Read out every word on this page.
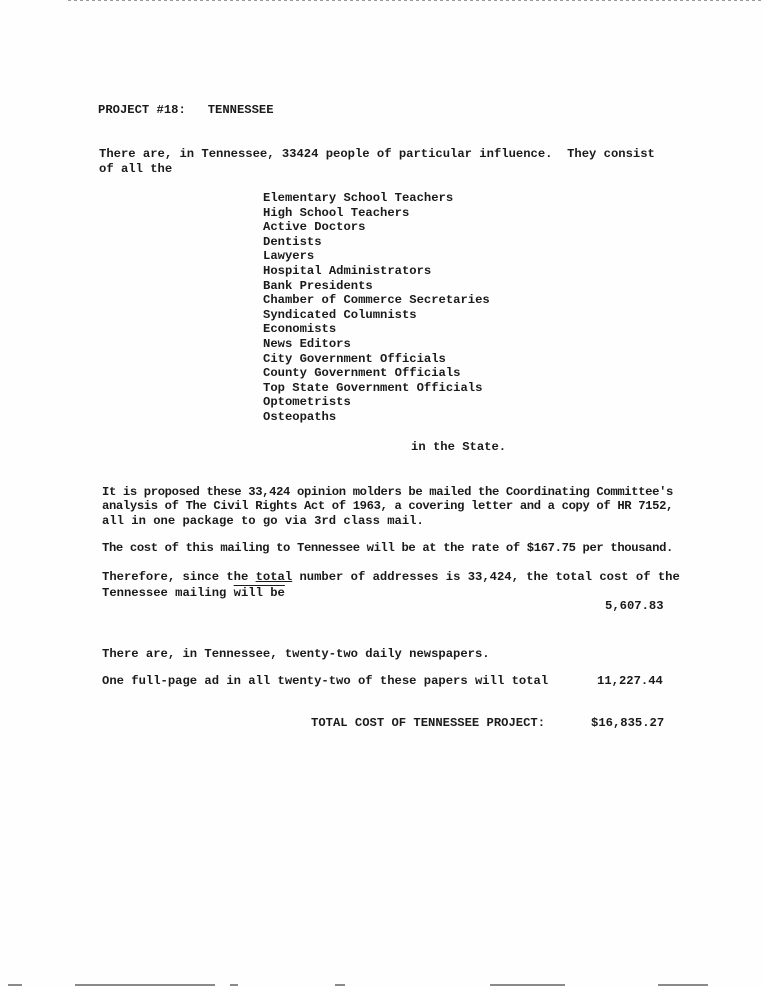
PROJECT #18: TENNESSEE
There are, in Tennessee, 33424 people of particular influence.  They consist
of all the
Elementary School Teachers
High School Teachers
Active Doctors
Dentists
Lawyers
Hospital Administrators
Bank Presidents
Chamber of Commerce Secretaries
Syndicated Columnists
Economists
News Editors
City Government Officials
County Government Officials
Top State Government Officials
Optometrists
Osteopaths
in the State.
It is proposed these 33,424 opinion molders be mailed the Coordinating Committee's
analysis of The Civil Rights Act of 1963, a covering letter and a copy of HR 7152,
all in one package to go via 3rd class mail.
The cost of this mailing to Tennessee will be at the rate of $167.75 per thousand.
Therefore, since the total number of addresses is 33,424, the total cost of the
Tennessee mailing will be
5,607.83
There are, in Tennessee, twenty-two daily newspapers.
One full-page ad in all twenty-two of these papers will total	11,227.44
TOTAL COST OF TENNESSEE PROJECT:	$16,835.27
